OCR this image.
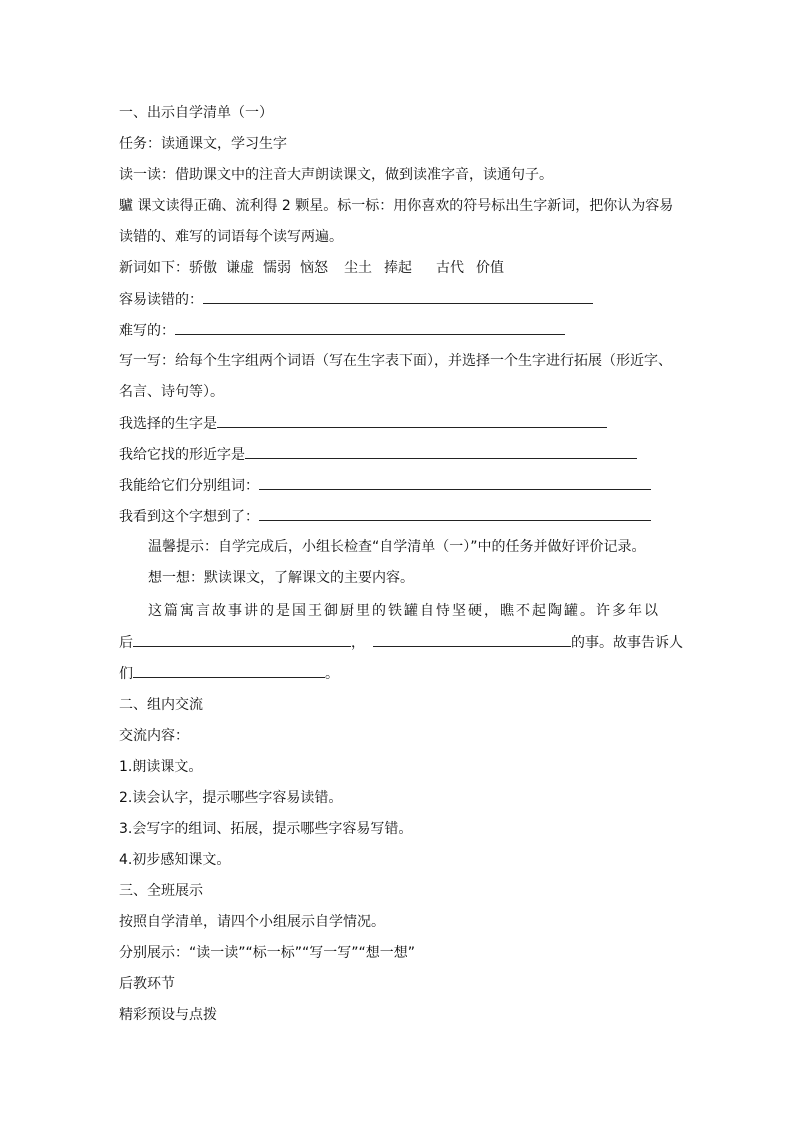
一、出示自学清单（一）
任务：读通课文，学习生字
读一读：借助课文中的注音大声朗读课文，做到读准字音，读通句子。
驢 课文读得正确、流利得 2 颗星。标一标：用你喜欢的符号标出生字新词，把你认为容易
读错的、难写的词语每个读写两遍。
新词如下：骄傲 谦虚 懦弱 恼怒 尘土 捧起 古代 价值
容易读错的：
难写的：
写一写：给每个生字组两个词语（写在生字表下面），并选择一个生字进行拓展（形近字、
名言、诗句等）。
我选择的生字是
我给它找的形近字是
我能给它们分别组词：
我看到这个字想到了：
温馨提示：自学完成后，小组长检查“自学清单（一）”中的任务并做好评价记录。
想一想：默读课文，了解课文的主要内容。
这篇寓言故事讲的是国王御厨里的铁罐自恃坚硬，瞧不起陶罐。许多年以
后	，	的事。故事告诉人
们	。
二、组内交流
交流内容：
1.朗读课文。
2.读会认字，提示哪些字容易读错。
3.会写字的组词、拓展，提示哪些字容易写错。
4.初步感知课文。
三、全班展示
按照自学清单，请四个小组展示自学情况。
分别展示：“读一读”“标一标”“写一写”“想一想”
后教环节
精彩预设与点拨
